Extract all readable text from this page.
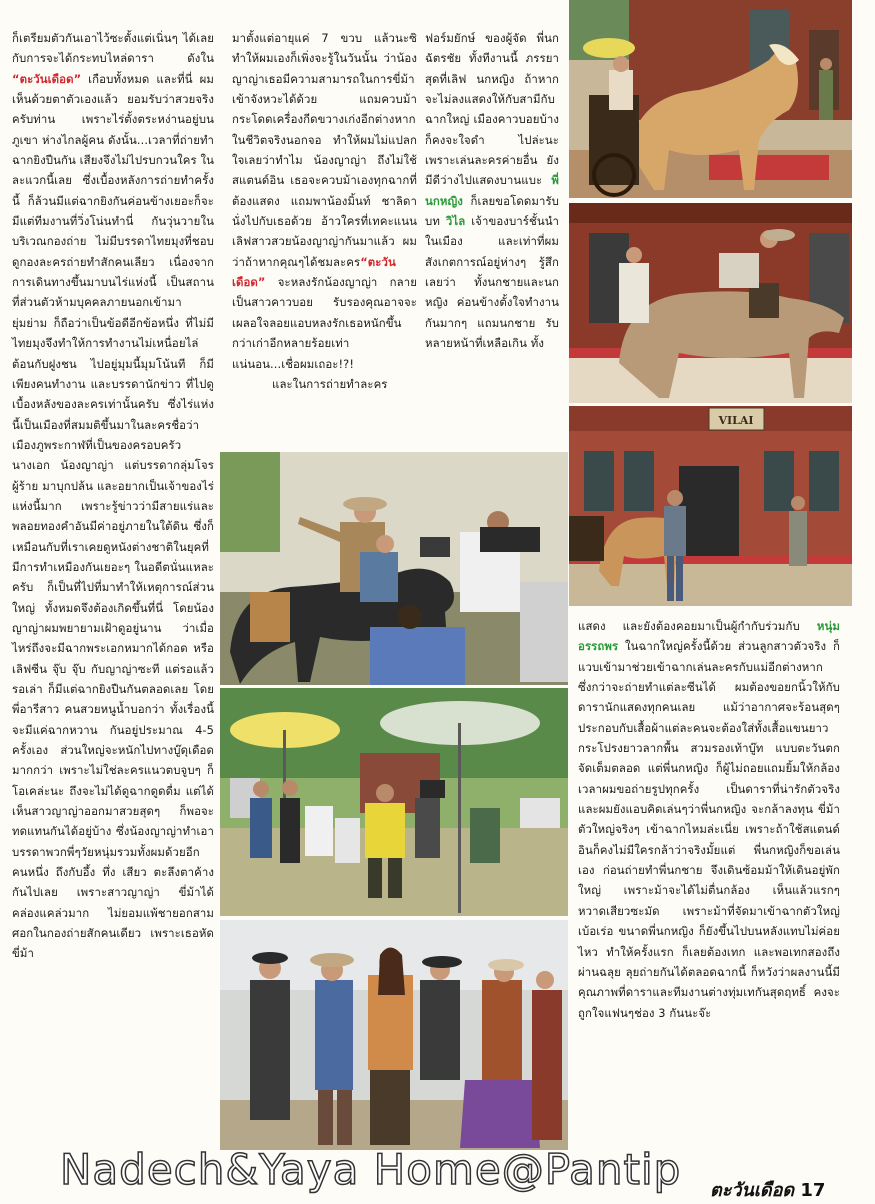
ก็เตรียมตัวกันเอาไว้ซะตั้งแต่เนิ่นๆ ได้เลยกับการจะได้กระทบไหล่ดารา ดังใน “ตะวันเดือด” เกือบทั้งหมด และที่นี่ ผมเห็นด้วยตาตัวเองแล้ว ยอมรับว่าสวยจริงครับท่าน เพราะไร่ตั้งตระหง่านอยู่บนภูเขา ห่างไกลผู้คน ดังนั้น...เวลาที่ถ่ายทำฉากยิงปืนกัน เสียงจึงไม่ไปรบกวนใคร ในละแวกนี้เลย ซึ่งเบื้องหลังการถ่ายทำครั้งนี้ ก็ล้วนมีแต่ฉากยิงกันค่อนข้างเยอะก็จะมีแต่ทีมงานที่วิ่งโน่นทำนี่ กันวุ่นวายในบริเวณกองถ่าย ไม่มีบรรดาไทยมุงที่ชอบดูกองละครถ่ายทำสักคนเลียว เนื่องจากการเดินทางขึ้นมาบนไร่แห่งนี้ เป็นสถานที่ส่วนตัวห้ามบุคคลภายนอกเข้ามายุ่มย่าม ก็ถือว่าเป็นข้อดีอีกข้อหนึ่ง ที่ไม่มีไทยมุงจึงทำให้การทำงานไม่เหนื่อยไล่ต้อนกับฝูงชน ไปอยู่มุมนี้มุมโน้นที ก็มีเพียงคนทำงาน และบรรดานักข่าว ที่ไปดูเบื้องหลังของละครเท่านั้นครับ ซึ่งไร่แห่งนี้เป็นเมืองที่สมมติขึ้นมาในละครชื่อว่าเมืองภูพระกาฬที่เป็นของครอบครัวนางเอก น้องญาญ่า แต่บรรดากลุ่มโจรผู้ร้าย มาบุกปล้น และอยากเป็นเจ้าของไร่แห่งนี้มาก เพราะรู้ข่าวว่ามีสายแร่และพลอยทองคำอันมีค่าอยู่ภายในใต้ดิน ซึ่งก็เหมือนกับที่เราเคยดูหนังต่างชาติในยุคที่มีการทำเหมืองกันเยอะๆ ในอดีตนั่นแหละครับ ก็เป็นที่ไปที่มาทำให้เหตุการณ์ส่วนใหญ่ ทั้งหมดจึงต้องเกิดขึ้นที่นี่ โดยน้องญาญ่าผมพยายามเฝ้าดูอยู่นาน ว่าเมื่อไหร่ถึงจะมีฉากพระเอกหมากได้กอด หรือเลิฟซีน จุ๊บ จุ๊บ กับญาญ่าซะที แต่รอแล้วรอเล่า ก็มีแต่ฉากยิงปืนกันตลอดเลย โดยพี่อารีสาว คนสวยหนูน้ำบอกว่า ทั้งเรื่องนี้จะมีแค่ฉากหวาน กันอยู่ประมาณ 4-5 ครั้งเอง ส่วนใหญ่จะหนักไปทางบู๊ดุเดือดมากกว่า เพราะไม่ใช่ละครแนวตบจูบๆ ก็โอเคล่ะนะ ถึงจะไม่ได้ดูฉากดูดดื่ม แต่ได้เห็นสาวญาญ่าออกมาสวยสุดๆ ก็พอจะทดแทนกันได้อยู่บ้าง ซึ่งน้องญาญ่าทำเอาบรรดาพวกพี่ๆวัยหนุ่มรวมทั้งผมด้วยอีกคนหนึ่ง ถึงกับอึ้ง ทึ่ง เสียว ตะลึงตาค้างกันไปเลย เพราะสาวญาญ่า ขี่ม้าได้คล่องแคล่วมาก ไม่ยอมแพ้ชายอกสามศอกในกองถ่ายสักคนเดียว เพราะเธอหัดขี่ม้า

มาตั้งแต่อายุแค่ 7 ขวบ แล้วนะซิ ทำให้ผมเองก็เพิ่งจะรู้ในวันนั้น ว่าน้องญาญ่าเธอมีความสามารถในการขี่ม้าเข้าจังหวะได้ด้วย แถมควบม้ากระโดดเครื่องกีดขวางเก่งอีกต่างหากในชีวิตจริงนอกจอ ทำให้ผมไม่แปลกใจเลยว่าทำไม น้องญาญ่า ถึงไม่ใช้สแตนด์อิน เธอจะควบม้าเองทุกฉากที่ต้องแสดง แถมพาน้องมิ้นท์ ชาลิดา นั่งไปกับเธอด้วย อ้าวใครที่เทคะแนนเลิฟสาวสวยน้องญาญ่ากันมาแล้ว ผมว่าถ้าหากคุณๆได้ชมละคร“ตะวันเดือด” จะหลงรักน้องญาญ่า กลายเป็นสาวคาวบอย รับรองคุณอาจจะเผลอใจลอยแอบหลงรักเธอหนักขึ้นกว่าเก่าอีกหลายร้อยเท่าแน่นอน...เชื่อผมเถอะ!?!

และในการถ่ายทำละคร

ฟอร์มยักษ์ ของผู้จัด พี่นก ฉัตรชัย ทั้งทีงานนี้ ภรรยาสุดที่เลิฟ นกหญิง ถ้าหากจะไม่ลงแสดงให้กับสามีกับฉากใหญ่ เมืองคาวบอยบ้าง ก็คงจะใจดำ ไปล่ะนะ เพราะเล่นละครค่ายอื่น ยังมีดีว่างไปแสดงบานแบะ พี่นกหญิง ก็เลยขอโดดมารับบท วิไล เจ้าของบาร์ชั้นนำในเมือง และเท่าที่ผมสังเกตการณ์อยู่ห่างๆ รู้สึกเลยว่า ทั้งนกชายและนกหญิง ค่อนข้างตั้งใจทำงานกันมากๆ แถมนกชาย รับหลายหน้าที่เหลือเกิน ทั้ง

แสดง และยังต้องคอยมาเป็นผู้กำกับร่วมกับ หนุ่ม อรรถพร ในฉากใหญ่ครั้งนี้ด้วย ส่วนลูกสาวตัวจริง ก็แวบเข้ามาช่วยเข้าฉากเล่นละครกับแม่อีกต่างหาก ซึ่งกว่าจะถ่ายทำแต่ละซีนได้ ผมต้องขอยกนิ้วให้กับดารานักแสดงทุกคนเลย แม้ว่าอากาศจะร้อนสุดๆประกอบกับเสื้อผ้าแต่ละคนจะต้องใส่ทั้งเสื้อแขนยาวกระโปรงยาวลากพื้น สวมรองเท้าบู๊ท แบบตะวันตก จัดเต็มตลอด แต่พี่นกหญิง ก็ผู้ไม่ถอยแถมยิ้มให้กล้องเวลาผมขอถ่ายรูปทุกครั้ง เป็นดาราที่น่ารักตัวจริง และผมยังแอบคิดเล่นๆว่าพี่นกหญิง จะกล้าลงทุน ขี่ม้าตัวใหญ่จริงๆ เข้าฉากไหมล่ะเนี่ย เพราะถ้าใช้สแตนด์อินก็คงไม่มีใครกล้าว่าจริงมั้ยแต่ พี่นกหญิงก็ขอเล่นเอง ก่อนถ่ายทำพี่นกชาย จึงเดินซ้อมม้าให้เดินอยู่พักใหญ่ เพราะม้าจะได้ไม่ตื่นกล้อง เห็นแล้วแรกๆ หวาดเสียวซะมัด เพราะม้าที่จัดมาเข้าฉากตัวใหญ่เบ้อเร่อ ขนาดพี่นกหญิง ก็ยังขึ้นไปบนหลังแทบไม่ค่อยไหว ทำให้ครั้งแรก ก็เลยต้องเทก และพอเทกสองถึงผ่านฉลุย ลุยถ่ายกันได้ตลอดฉากนี้ ก็หวังว่าผลงานนี้มีคุณภาพที่ดาราและทีมงานต่างทุ่มเทกันสุดฤทธิ์ คงจะถูกใจแฟนๆช่อง 3 กันนะจ๊ะ

VILAI
Nadech&Yaya Home@Pantip	ตะวันเดือด 17
